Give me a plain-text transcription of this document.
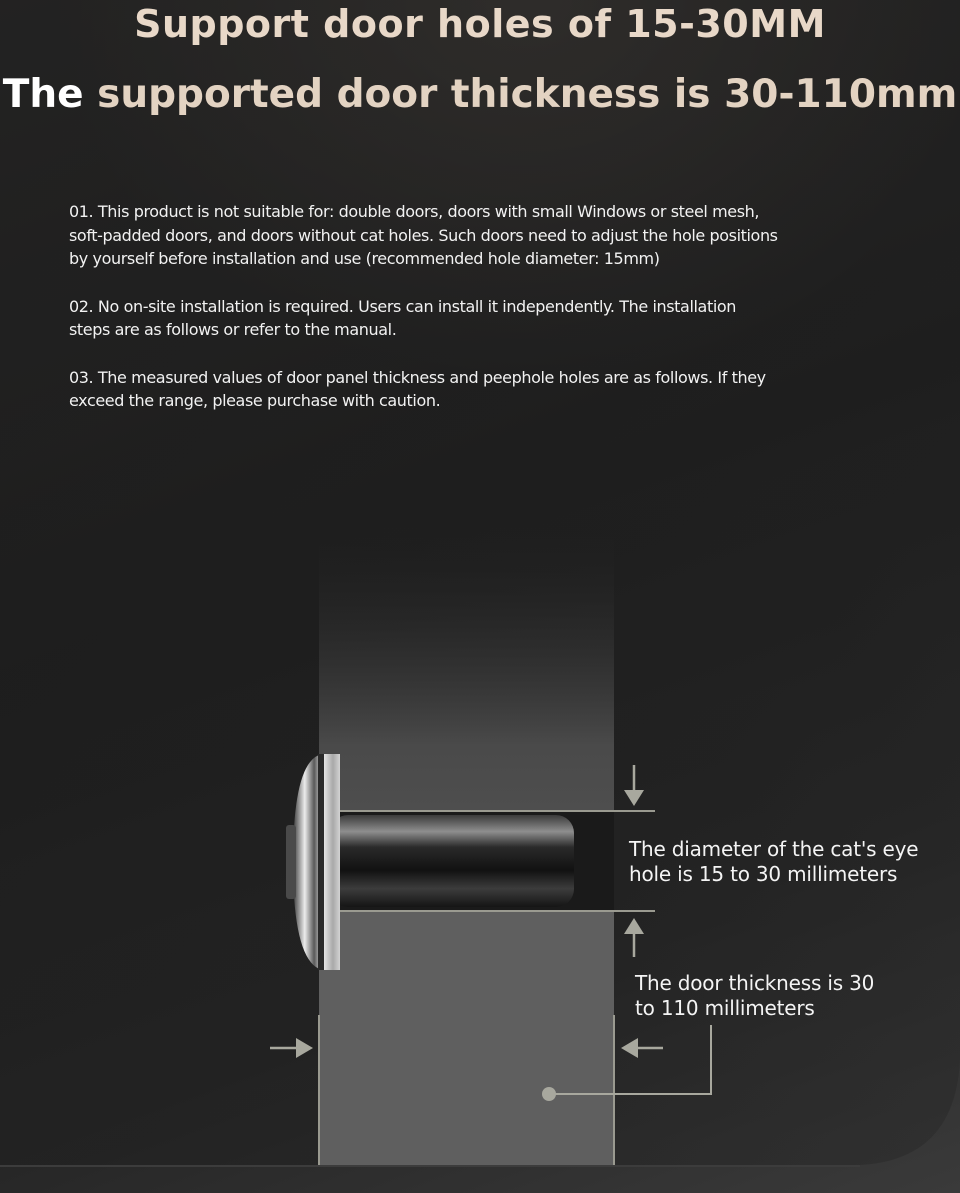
Support door holes of 15-30MM
The supported door thickness is 30-110mm
01. This product is not suitable for: double doors, doors with small Windows or steel mesh,
soft-padded doors, and doors without cat holes. Such doors need to adjust the hole positions
by yourself before installation and use (recommended hole diameter: 15mm)
02. No on-site installation is required. Users can install it independently. The installation
steps are as follows or refer to the manual.
03. The measured values of door panel thickness and peephole holes are as follows. If they
exceed the range, please purchase with caution.
The diameter of the cat's eye
hole is 15 to 30 millimeters
The door thickness is 30
to 110 millimeters
